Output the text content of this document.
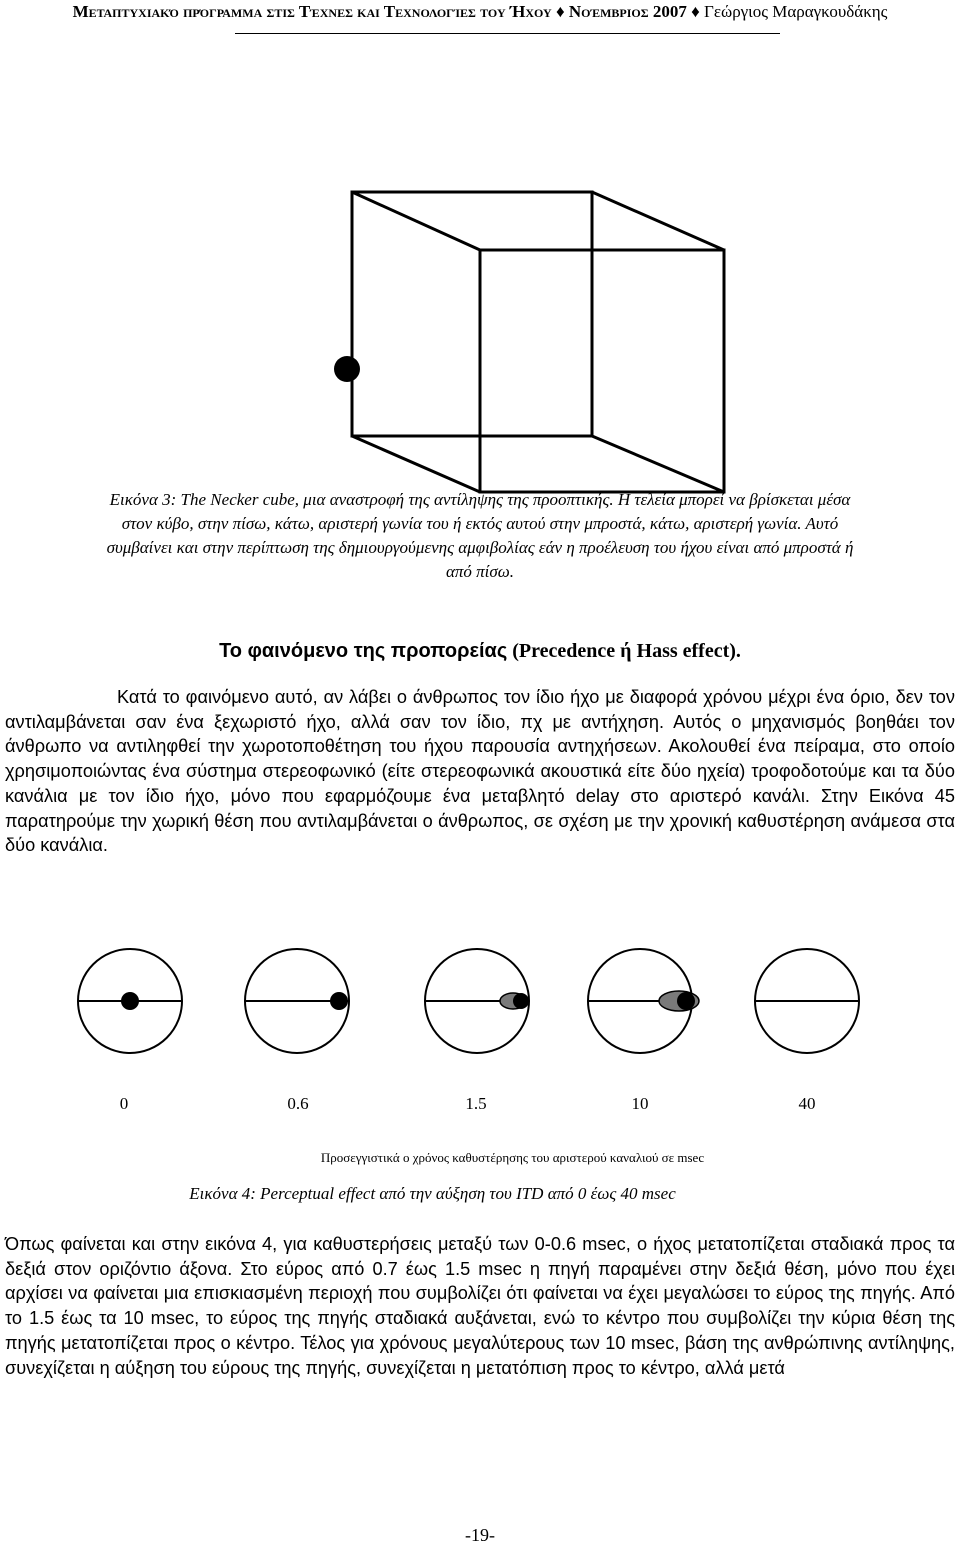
Μεταπτυχιακό πρόγραμμα στις Τέχνες και Τεχνολογίες του Ήχου ♦ Νοέμβριος 2007 ♦ Γεώργιος Μαραγκουδάκης
Εικόνα 3: The Necker cube, μια αναστροφή της αντίληψης της προοπτικής. Η τελεία μπορεί να βρίσκεται μέσα στον κύβο, στην πίσω, κάτω, αριστερή γωνία του ή εκτός αυτού στην μπροστά, κάτω, αριστερή γωνία. Αυτό συμβαίνει και στην περίπτωση της δημιουργούμενης αμφιβολίας εάν η προέλευση του ήχου είναι από μπροστά ή από πίσω.
Το φαινόμενο της προπορείας (Precedence ή Hass effect).
Κατά το φαινόμενο αυτό, αν λάβει ο άνθρωπος τον ίδιο ήχο με διαφορά χρόνου μέχρι ένα όριο, δεν τον αντιλαμβάνεται σαν ένα ξεχωριστό ήχο, αλλά σαν τον ίδιο, πχ με αντήχηση. Αυτός ο μηχανισμός βοηθάει τον άνθρωπο να αντιληφθεί την χωροτοποθέτηση του ήχου παρουσία αντηχήσεων. Ακολουθεί ένα πείραμα, στο οποίο χρησιμοποιώντας ένα σύστημα στερεοφωνικό (είτε στερεοφωνικά ακουστικά είτε δύο ηχεία) τροφοδοτούμε και τα δύο κανάλια με τον ίδιο ήχο, μόνο που εφαρμόζουμε ένα μεταβλητό delay στο αριστερό κανάλι. Στην Εικόνα 45 παρατηρούμε την χωρική θέση που αντιλαμβάνεται ο άνθρωπος, σε σχέση με την χρονική καθυστέρηση ανάμεσα στα δύο κανάλια.
0	0.6	1.5	10	40
Προσεγγιστικά ο χρόνος καθυστέρησης του αριστερού καναλιού σε msec
Εικόνα 4: Perceptual effect από την αύξηση του ITD από 0 έως 40 msec
Όπως φαίνεται και στην εικόνα 4, για καθυστερήσεις μεταξύ των 0-0.6 msec, ο ήχος μετατοπίζεται σταδιακά προς τα δεξιά στον οριζόντιο άξονα. Στο εύρος από 0.7 έως 1.5 msec η πηγή παραμένει στην δεξιά θέση, μόνο που έχει αρχίσει να φαίνεται μια επισκιασμένη περιοχή που συμβολίζει ότι φαίνεται να έχει μεγαλώσει το εύρος της πηγής. Από το 1.5 έως τα 10 msec, το εύρος της πηγής σταδιακά αυξάνεται, ενώ το κέντρο που συμβολίζει την κύρια θέση της πηγής μετατοπίζεται προς ο κέντρο. Τέλος για χρόνους μεγαλύτερους των 10 msec, βάση της ανθρώπινης αντίληψης, συνεχίζεται η αύξηση του εύρους της πηγής, συνεχίζεται η μετατόπιση προς το κέντρο, αλλά μετά
-19-
